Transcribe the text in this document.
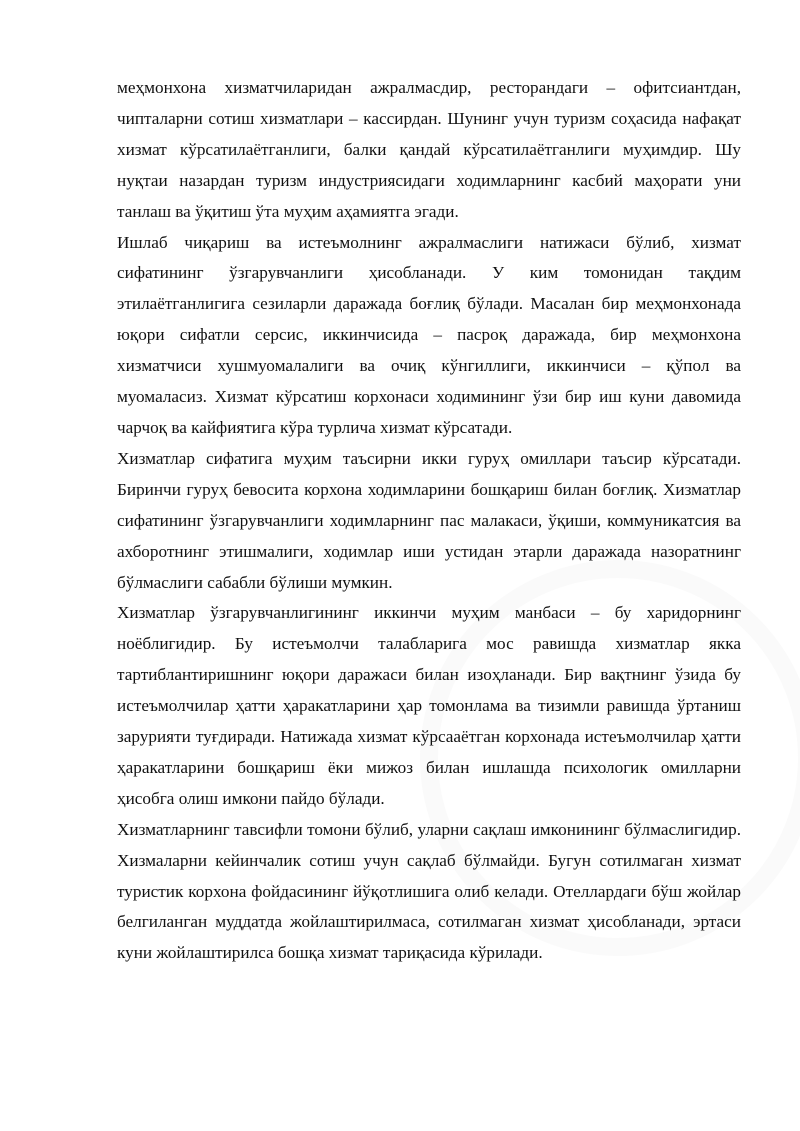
меҳмонхона хизматчиларидан ажралмасдир, ресторандаги – офитсиантдан, чипталарни сотиш хизматлари – кассирдан. Шунинг учун туризм соҳасида нафақат хизмат кўрсатилаётганлиги, балки қандай кўрсатилаётганлиги муҳимдир. Шу нуқтаи назардан туризм индустриясидаги ходимларнинг касбий маҳорати уни танлаш ва ўқитиш ўта муҳим аҳамиятга эгади.

Ишлаб чиқариш ва истеъмолнинг ажралмаслиги натижаси бўлиб, хизмат сифатининг ўзгарувчанлиги ҳисобланади. У ким томонидан тақдим этилаётганлигига сезиларли даражада боғлиқ бўлади. Масалан бир меҳмонхонада юқори сифатли серсис, иккинчисида – пасроқ даражада, бир меҳмонхона хизматчиси хушмуомалалиги ва очиқ кўнгиллиги, иккинчиси – қўпол ва муомаласиз. Хизмат кўрсатиш корхонаси ходимининг ўзи бир иш куни давомида чарчоқ ва кайфиятига кўра турлича хизмат кўрсатади.

Хизматлар сифатига муҳим таъсирни икки гуруҳ омиллари таъсир кўрсатади. Биринчи гуруҳ бевосита корхона ходимларини бошқариш билан боғлиқ. Хизматлар сифатининг ўзгарувчанлиги ходимларнинг пас малакаси, ўқиши, коммуникатсия ва ахборотнинг этишмалиги, ходимлар иши устидан этарли даражада назоратнинг бўлмаслиги сабабли бўлиши мумкин.

Хизматлар ўзгарувчанлигининг иккинчи муҳим манбаси – бу харидорнинг ноёблигидир. Бу истеъмолчи талабларига мос равишда хизматлар якка тартиблантиришнинг юқори даражаси билан изоҳланади. Бир вақтнинг ўзида бу истеъмолчилар ҳатти ҳаракатларини ҳар томонлама ва тизимли равишда ўртаниш зарурияти туғдиради. Натижада хизмат кўрсааётган корхонада истеъмолчилар ҳатти ҳаракатларини бошқариш ёки мижоз билан ишлашда психологик омилларни ҳисобга олиш имкони пайдо бўлади.

Хизматларнинг тавсифли томони бўлиб, уларни сақлаш имконининг бўлмаслигидир. Хизмаларни кейинчалик сотиш учун сақлаб бўлмайди. Бугун сотилмаган хизмат туристик корхона фойдасининг йўқотлишига олиб келади. Отеллардаги бўш жойлар белгиланган муддатда жойлаштирилмаса, сотилмаган хизмат ҳисобланади, эртаси куни жойлаштирилса бошқа хизмат тариқасида кўрилади.
